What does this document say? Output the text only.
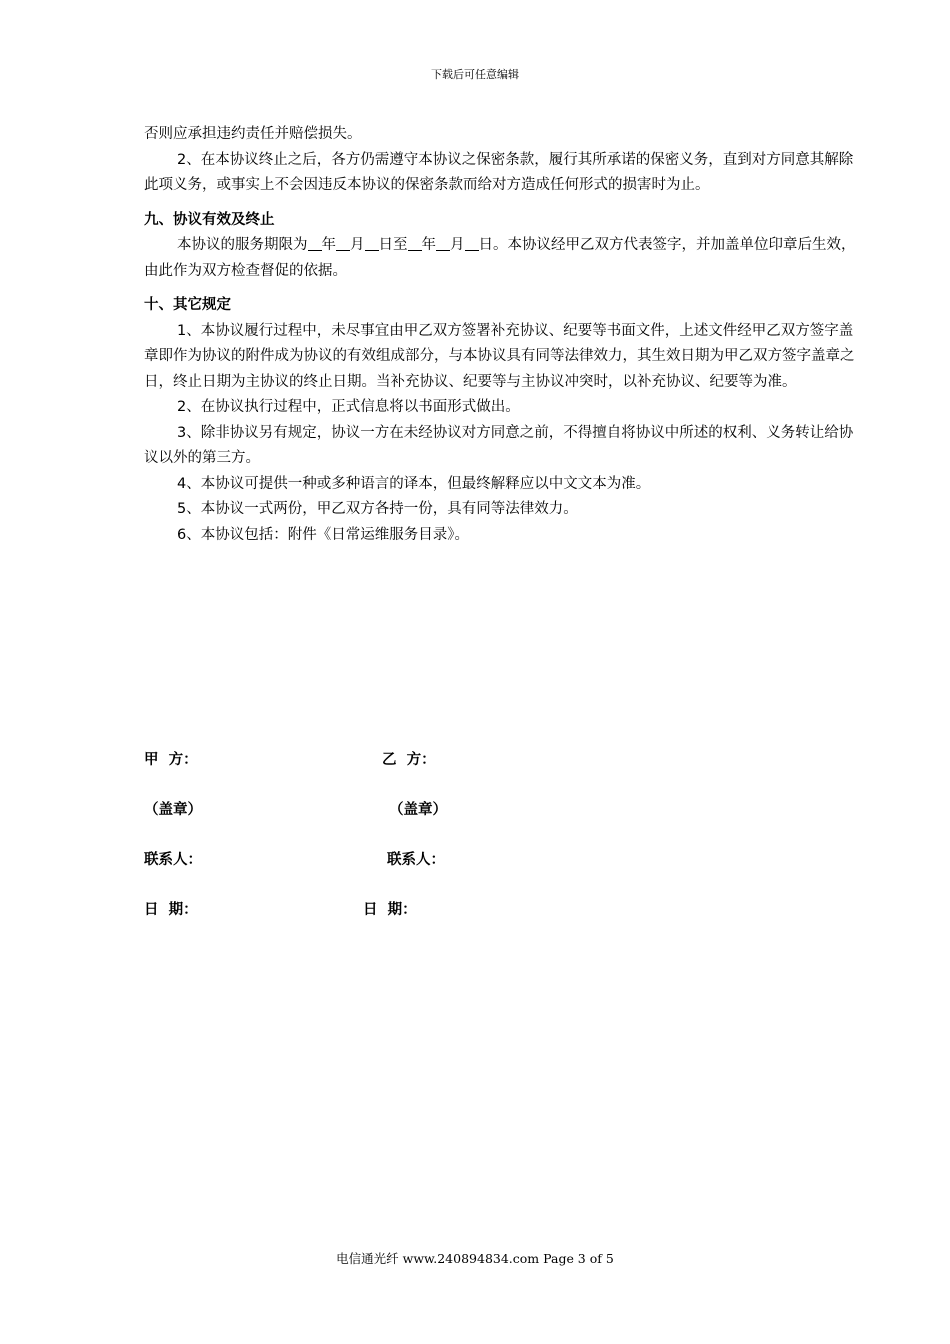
下载后可任意编辑

否则应承担违约责任并赔偿损失。

2、在本协议终止之后，各方仍需遵守本协议之保密条款，履行其所承诺的保密义务，直到对方同意其解除此项义务，或事实上不会因违反本协议的保密条款而给对方造成任何形式的损害时为止。

九、协议有效及终止

本协议的服务期限为 年 月 日至 年 月 日。本协议经甲乙双方代表签字，并加盖单位印章后生效，由此作为双方检查督促的依据。

十、其它规定

1、本协议履行过程中，未尽事宜由甲乙双方签署补充协议、纪要等书面文件，上述文件经甲乙双方签字盖章即作为协议的附件成为协议的有效组成部分，与本协议具有同等法律效力，其生效日期为甲乙双方签字盖章之日，终止日期为主协议的终止日期。当补充协议、纪要等与主协议冲突时，以补充协议、纪要等为准。

2、在协议执行过程中，正式信息将以书面形式做出。

3、除非协议另有规定，协议一方在未经协议对方同意之前，不得擅自将协议中所述的权利、义务转让给协议以外的第三方。

4、本协议可提供一种或多种语言的译本，但最终解释应以中文文本为准。

5、本协议一式两份，甲乙双方各持一份，具有同等法律效力。

6、本协议包括：附件《日常运维服务目录》。

甲  方：	乙  方：
（盖章）	（盖章）
联系人：	联系人：
日  期：	日  期：
电信通光纤 www.240894834.com Page 3 of 5
